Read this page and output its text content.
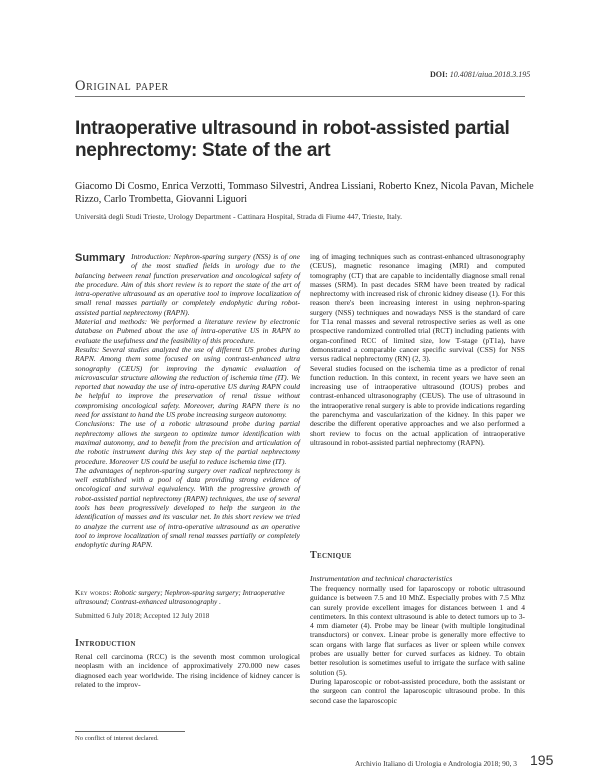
DOI: 10.4081/aiua.2018.3.195
Original paper
Intraoperative ultrasound in robot-assisted partial nephrectomy: State of the art
Giacomo Di Cosmo, Enrica Verzotti, Tommaso Silvestri, Andrea Lissiani, Roberto Knez, Nicola Pavan, Michele Rizzo, Carlo Trombetta, Giovanni Liguori
Università degli Studi Trieste, Urology Department - Cattinara Hospital, Strada di Fiume 447, Trieste, Italy.
Summary Introduction: Nephron-sparing surgery (NSS) is of one of the most studied fields in urology due to the balancing between renal function preservation and oncological safety of the procedure. Aim of this short review is to report the state of the art of intra-operative ultrasound as an operative tool to improve localization of small renal masses partially or completely endophytic during robot-assisted partial nephrectomy (RAPN).

Material and methods: We performed a literature review by electronic database on Pubmed about the use of intra-operative US in RAPN to evaluate the usefulness and the feasibility of this procedure.

Results: Several studies analyzed the use of different US probes during RAPN. Among them some focused on using contrast-enhanced ultra sonography (CEUS) for improving the dynamic evaluation of microvascular structure allowing the reduction of ischemia time (IT). We reported that nowaday the use of intra-operative US during RAPN could be helpful to improve the preservation of renal tissue without compromising oncological safety. Moreover, during RAPN there is no need for assistant to hand the US probe increasing surgeon autonomy.

Conclusions: The use of a robotic ultrasound probe during partial nephrectomy allows the surgeon to optimize tumor identification with maximal autonomy, and to benefit from the precision and articulation of the robotic instrument during this key step of the partial nephrectomy procedure. Moreover US could be useful to reduce ischemia time (IT).

The advantages of nephron-sparing surgery over radical nephrectomy is well established with a pool of data providing strong evidence of oncological and survival equivalency. With the progressive growth of robot-assisted partial nephrectomy (RAPN) techniques, the use of several tools has been progressively developed to help the surgeon in the identification of masses and its vascular net. In this short review we tried to analyze the current use of intra-operative ultrasound as an operative tool to improve localization of small renal masses partially or completely endophytic during RAPN.

Key words: Robotic surgery; Nephron-sparing surgery; Intraoperative ultrasound; Contrast-enhanced ultrasonography .
Submitted 6 July 2018; Accepted 12 July 2018
Introduction

Renal cell carcinoma (RCC) is the seventh most common urological neoplasm with an incidence of approximatively 270.000 new cases diagnosed each year worldwide. The rising incidence of kidney cancer is related to the improv-

No conflict of interest declared.

ing of imaging techniques such as contrast-enhanced ultrasonography (CEUS), magnetic resonance imaging (MRI) and computed tomography (CT) that are capable to incidentally diagnose small renal masses (SRM). In past decades SRM have been treated by radical nephrectomy with increased risk of chronic kidney disease (1). For this reason there's been increasing interest in using nephron-sparing surgery (NSS) techniques and nowadays NSS is the standard of care for T1a renal masses and several retrospective series as well as one prospective randomized controlled trial (RCT) including patients with organ-confined RCC of limited size, low T-stage (pT1a), have demonstrated a comparable cancer specific survival (CSS) for NSS versus radical nephrectomy (RN) (2, 3).

Several studies focused on the ischemia time as a predictor of renal function reduction. In this context, in recent years we have seen an increasing use of intraoperative ultrasound (IOUS) probes and contrast-enhanced ultrasonography (CEUS). The use of ultrasound in the intraoperative renal surgery is able to provide indications regarding the parenchyma and vascularization of the kidney. In this paper we describe the different operative approaches and we also performed a short review to focus on the actual application of intraoperative ultrasound in robot-assisted partial nephrectomy (RAPN).

Tecnique
Instrumentation and technical characteristics

The frequency normally used for laparoscopy or robotic ultrasound guidance is between 7.5 and 10 MhZ. Especially probes with 7.5 Mhz can surely provide excellent images for distances between 1 and 4 centimeters. In this context ultrasound is able to detect tumors up to 3-4 mm diameter (4). Probe may be linear (with multiple longitudinal transductors) or convex. Linear probe is generally more effective to scan organs with large flat surfaces as liver or spleen while convex probes are usually better for curved surfaces as kidney. To obtain better resolution is sometimes useful to irrigate the surface with saline solution (5).

During laparoscopic or robot-assisted procedure, both the assistant or the surgeon can control the laparoscopic ultrasound probe. In this second case the laparoscopic

Archivio Italiano di Urologia e Andrologia 2018; 90, 3 195
